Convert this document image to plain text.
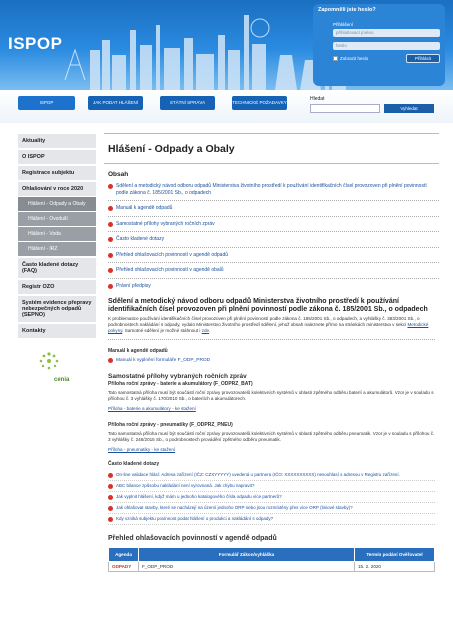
ISPOP
Zapomněli jste heslo?
Přihlášení
přihlašovací jméno
heslo
Zobrazit heslo	Přihlásit
ISPOP	JAK PODAT HLÁŠENÍ	STÁTNÍ SPRÁVA	TECHNICKÉ POŽADAVKY
Hledat
Vyhledat
Aktuality
O ISPOP
Registrace subjektu
Ohlašování v roce 2020
Hlášení - Odpady a Obaly
Hlášení - Ovzduší
Hlášení - Voda
Hlášení - IRZ
Často kladené dotazy (FAQ)
Registr OZO
Systém evidence přepravy nebezpečných odpadů (SEPNO)
Kontakty
cenia
Hlášení - Odpady a Obaly
Obsah
Sdělení a metodický návod odboru odpadů Ministerstva životního prostředí k používání identifikačních čísel provozoven při plnění povinností podle zákona č. 185/2001 Sb., o odpadech
Manuál k agendě odpadů
Samostatné přílohy vybraných ročních zpráv
Často kladené dotazy
Přehled ohlašovacích povinností v agendě odpadů
Přehled ohlašovacích povinností v agendě obalů
Právní předpisy
Sdělení a metodický návod odboru odpadů Ministerstva životního prostředí k používání identifikačních čísel provozoven při plnění povinností podle zákona č. 185/2001 Sb., o odpadech
K problematice používání identifikačních čísel provozoven při plnění povinností podle zákona č. 185/2001 Sb., o odpadech, a vyhlášky č. 383/2001 Sb., o podrobnostech nakládání s odpady, vydalo Ministerstvo životního prostředí sdělení, jehož obsah naleznete přímo na stránkách ministerstva v sekci Metodické pokyny. Samotné sdělení je možné stáhnout i zde.
Manuál k agendě odpadů
Manuál k vyplnění formuláře F_ODP_PROD
Samostatné přílohy vybraných ročních zpráv
Příloha roční zprávy - baterie a akumulátory (F_ODPRZ_BAT)
Tato samostatná příloha musí být součástí roční zprávy provozovatelů kolektivních systémů v oblasti zpětného odběru baterií a akumulátorů. Vzor je v souladu s přílohou č. 3 vyhlášky č. 170/2010 Sb., o bateriích a akumulátorech.
Příloha - baterie a akumulátory - ke stažení
Příloha roční zprávy - pneumatiky (F_ODPRZ_PNEU)
Tato samostatná příloha musí být součástí roční zprávy provozovatelů kolektivních systémů v oblasti zpětného odběru pneumatik. Vzor je v souladu s přílohou č. 3 vyhlášky č. 248/2015 Sb., o podrobnostech provádění zpětného odběru pneumatik.
Příloha - pneumatiky - ke stažení
Často kladené dotazy
On-line validace hlásí: Adresa zařízení (IČZ: CZXYYYYY) uvedená u partnera (IČO: XXXXXXXXXX) nesouhlasí s adresou v Registru zařízení.
ABC bilance způsobu nakládání není vyrovnaná. Jak chybu napravit?
Jak vyplnit hlášení, když mám u jednoho katalogového čísla odpadu více partnerů?
Jak ohlašovat stavby, které se nacházejí na území jednoho ORP nebo jsou rozmístěny přes více ORP (liniové stavby)?
Kdy vzniká subjektu povinnost podat hlášení o produkci a nakládání s odpady?
Přehled ohlašovacích povinností v agendě odpadů
Agenda	Formulář Zákon/vyhláška	Termín podání Ověřovatel
ODPADY	F_ODP_PROD	15. 2. 2020
